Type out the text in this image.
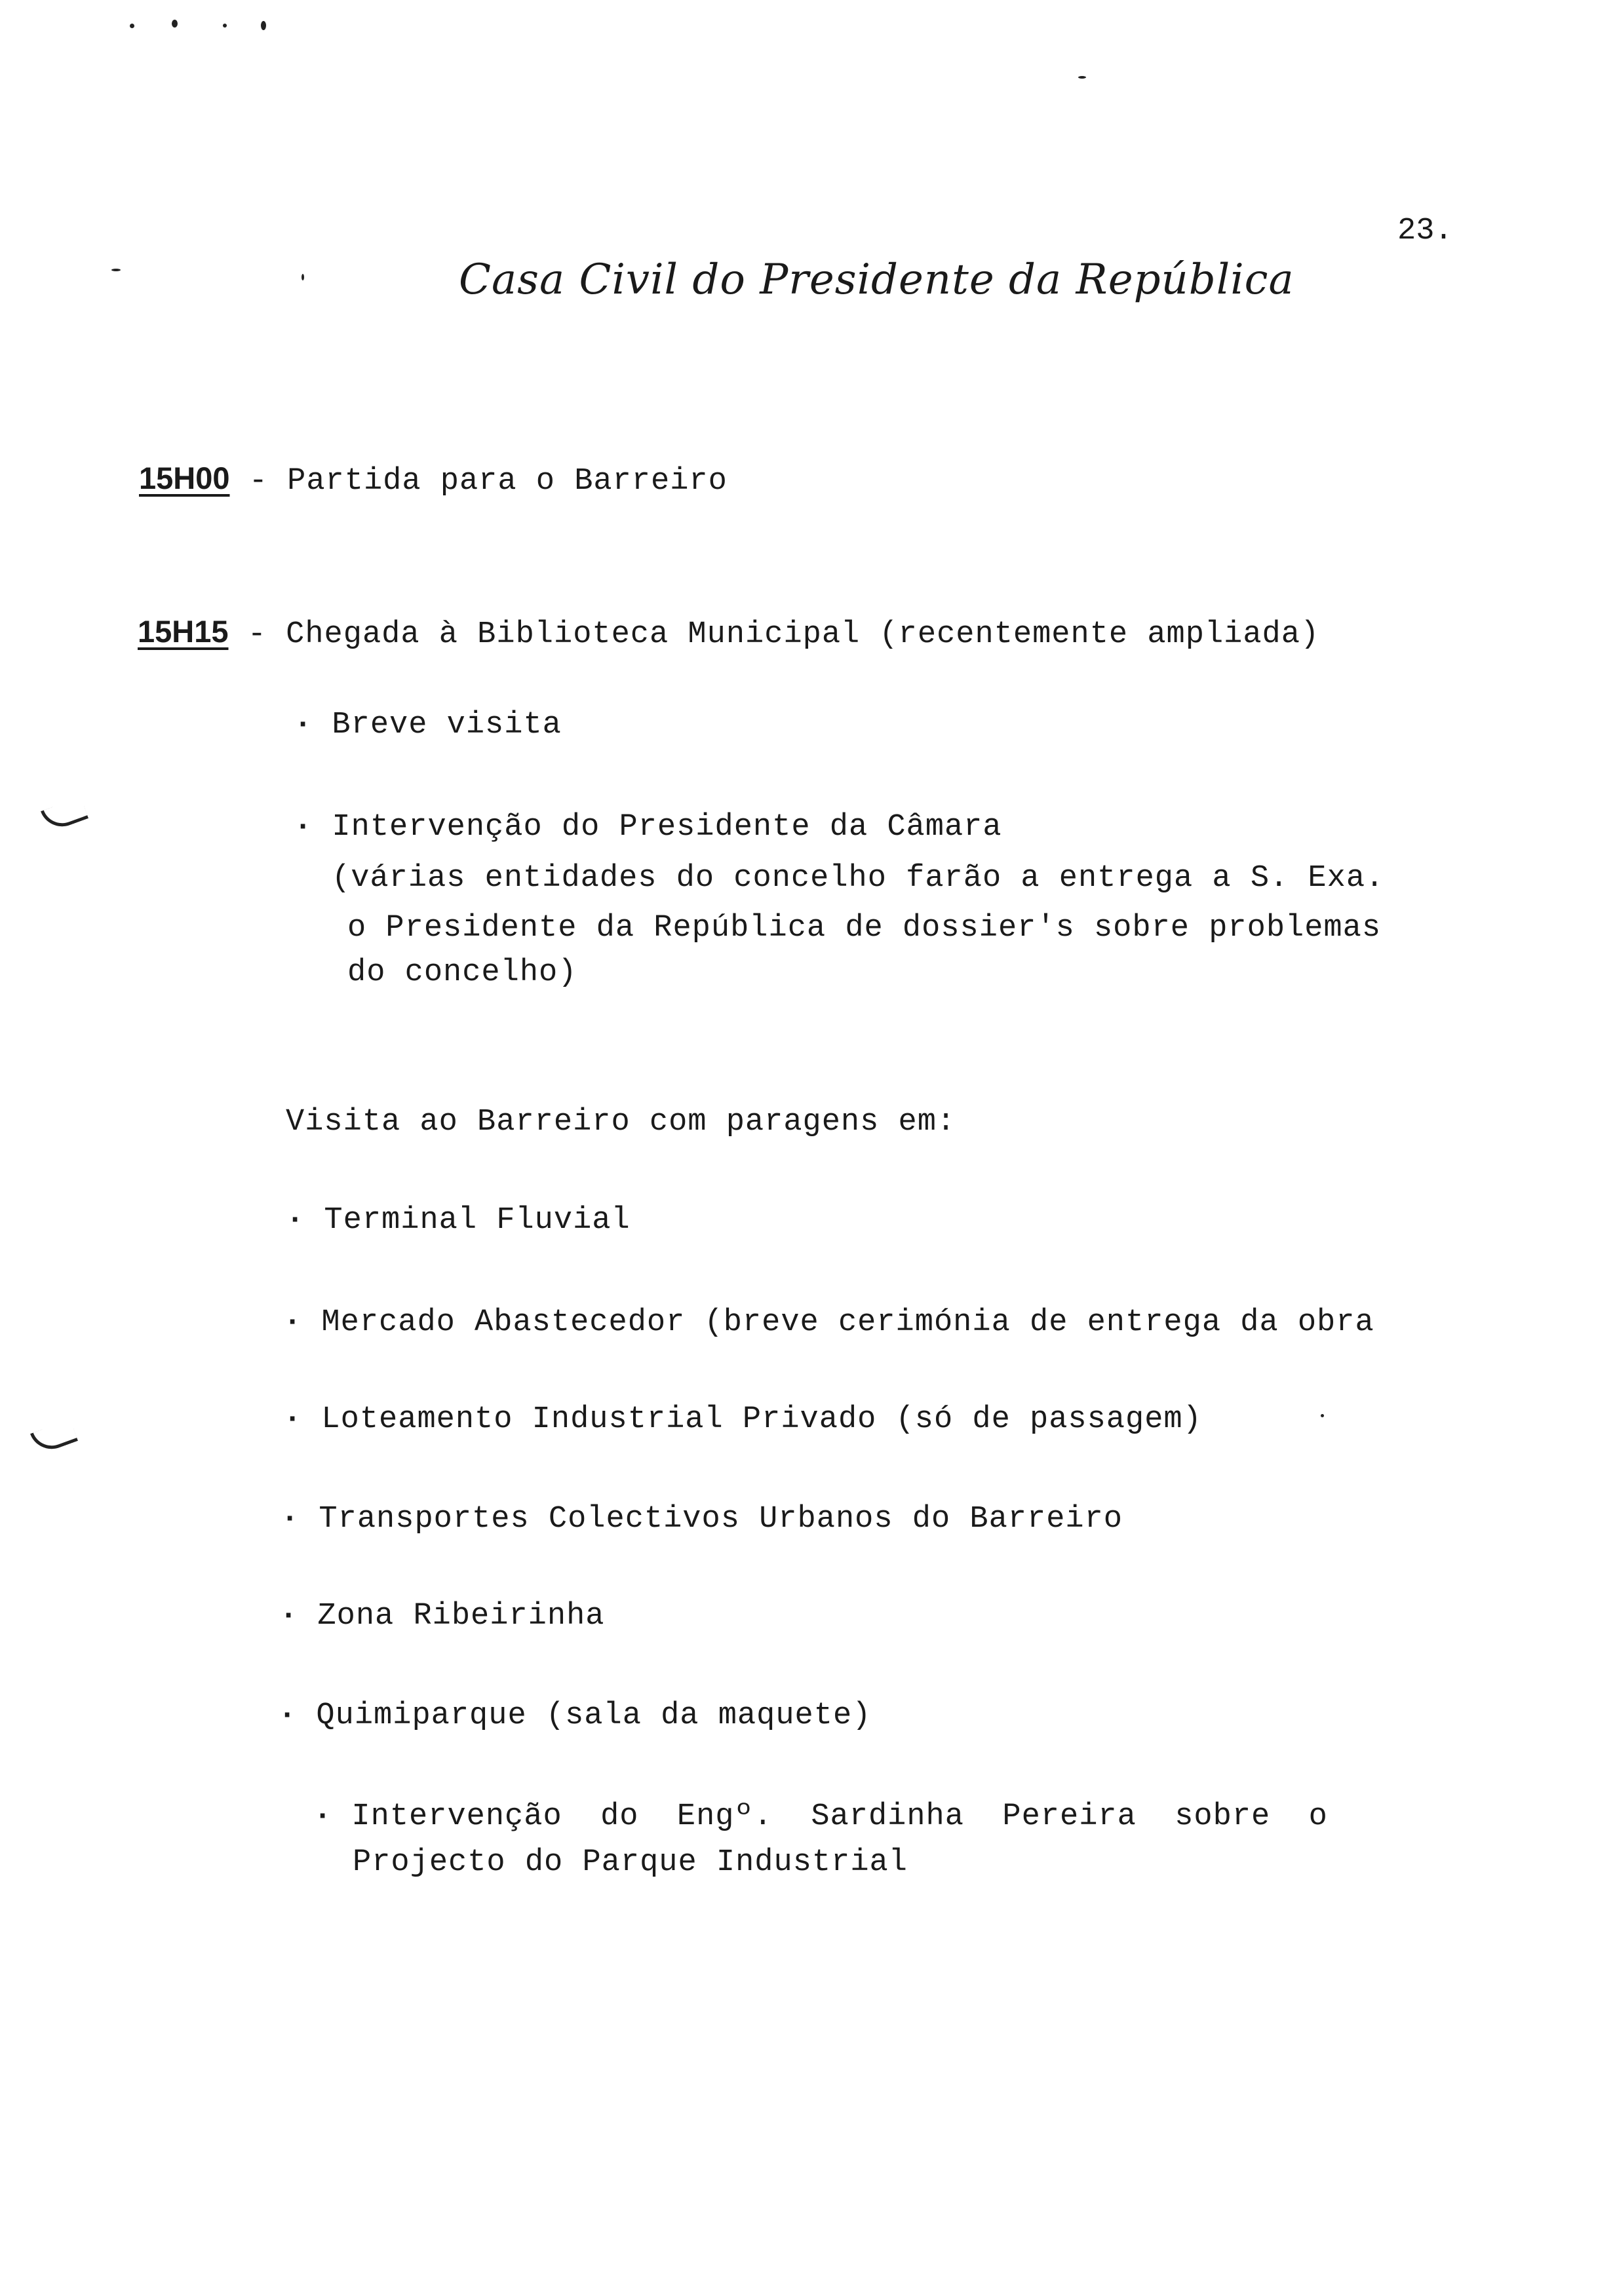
23.
Casa Civil do Presidente da República
15H00 - Partida para o Barreiro
15H15 - Chegada à Biblioteca Municipal (recentemente ampliada)
· Breve visita
· Intervenção do Presidente da Câmara
(várias entidades do concelho farão a entrega a S. Exa.
o Presidente da República de dossier's sobre problemas
do concelho)
Visita ao Barreiro com paragens em:
· Terminal Fluvial
· Mercado Abastecedor (breve cerimónia de entrega da obra
· Loteamento Industrial Privado (só de passagem)
· Transportes Colectivos Urbanos do Barreiro
· Zona Ribeirinha
· Quimiparque (sala da maquete)
· Intervenção  do  Engº.  Sardinha  Pereira  sobre  o
Projecto do Parque Industrial
